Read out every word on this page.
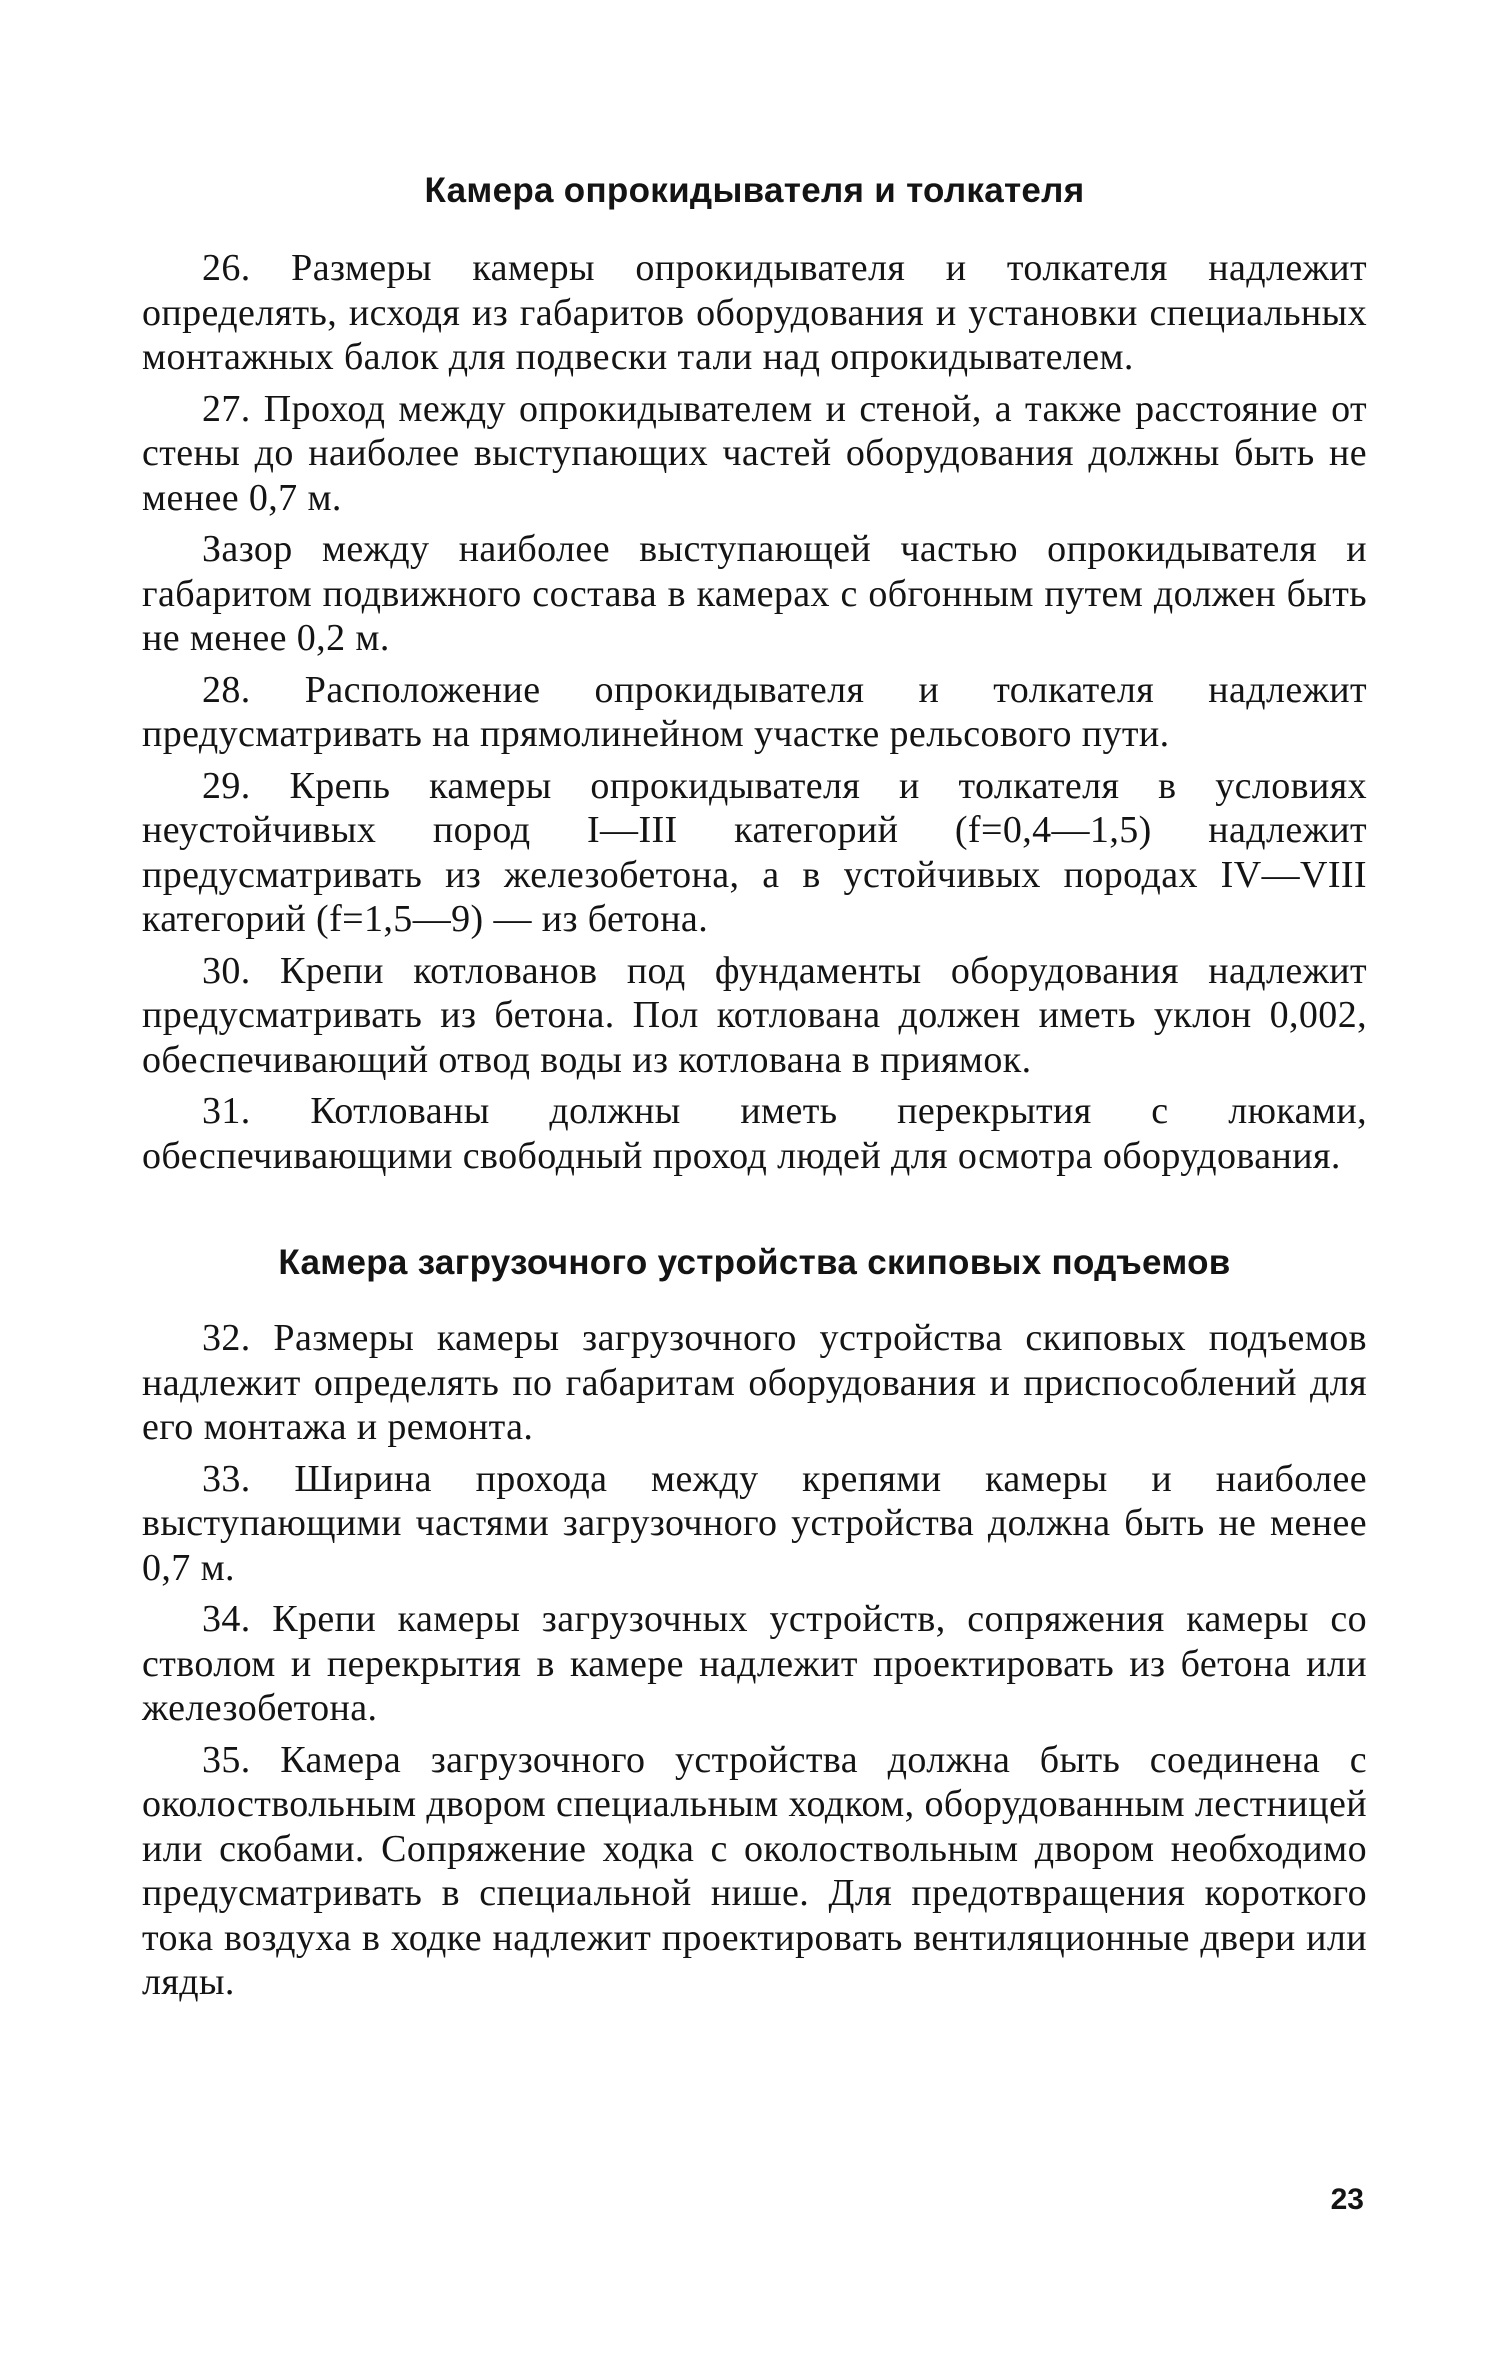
Камера опрокидывателя и толкателя

26. Размеры камеры опрокидывателя и толкателя надлежит определять, исходя из габаритов оборудования и установки специальных монтажных балок для подвески тали над опрокидывателем.

27. Проход между опрокидывателем и стеной, а также расстояние от стены до наиболее выступающих частей оборудования должны быть не менее 0,7 м.

Зазор между наиболее выступающей частью опрокидывателя и габаритом подвижного состава в камерах с обгонным путем должен быть не менее 0,2 м.

28. Расположение опрокидывателя и толкателя надлежит предусматривать на прямолинейном участке рельсового пути.

29. Крепь камеры опрокидывателя и толкателя в условиях неустойчивых пород I—III категорий (f=0,4—1,5) надлежит предусматривать из железобетона, а в устойчивых породах IV—VIII категорий (f=1,5—9) — из бетона.

30. Крепи котлованов под фундаменты оборудования надлежит предусматривать из бетона. Пол котлована должен иметь уклон 0,002, обеспечивающий отвод воды из котлована в приямок.

31. Котлованы должны иметь перекрытия с люками, обеспечивающими свободный проход людей для осмотра оборудования.

Камера загрузочного устройства скиповых подъемов

32. Размеры камеры загрузочного устройства скиповых подъемов надлежит определять по габаритам оборудования и приспособлений для его монтажа и ремонта.

33. Ширина прохода между крепями камеры и наиболее выступающими частями загрузочного устройства должна быть не менее 0,7 м.

34. Крепи камеры загрузочных устройств, сопряжения камеры со стволом и перекрытия в камере надлежит проектировать из бетона или железобетона.

35. Камера загрузочного устройства должна быть соединена с околоствольным двором специальным ходком, оборудованным лестницей или скобами. Сопряжение ходка с околоствольным двором необходимо предусматривать в специальной нише. Для предотвращения короткого тока воздуха в ходке надлежит проектировать вентиляционные двери или ляды.

23
